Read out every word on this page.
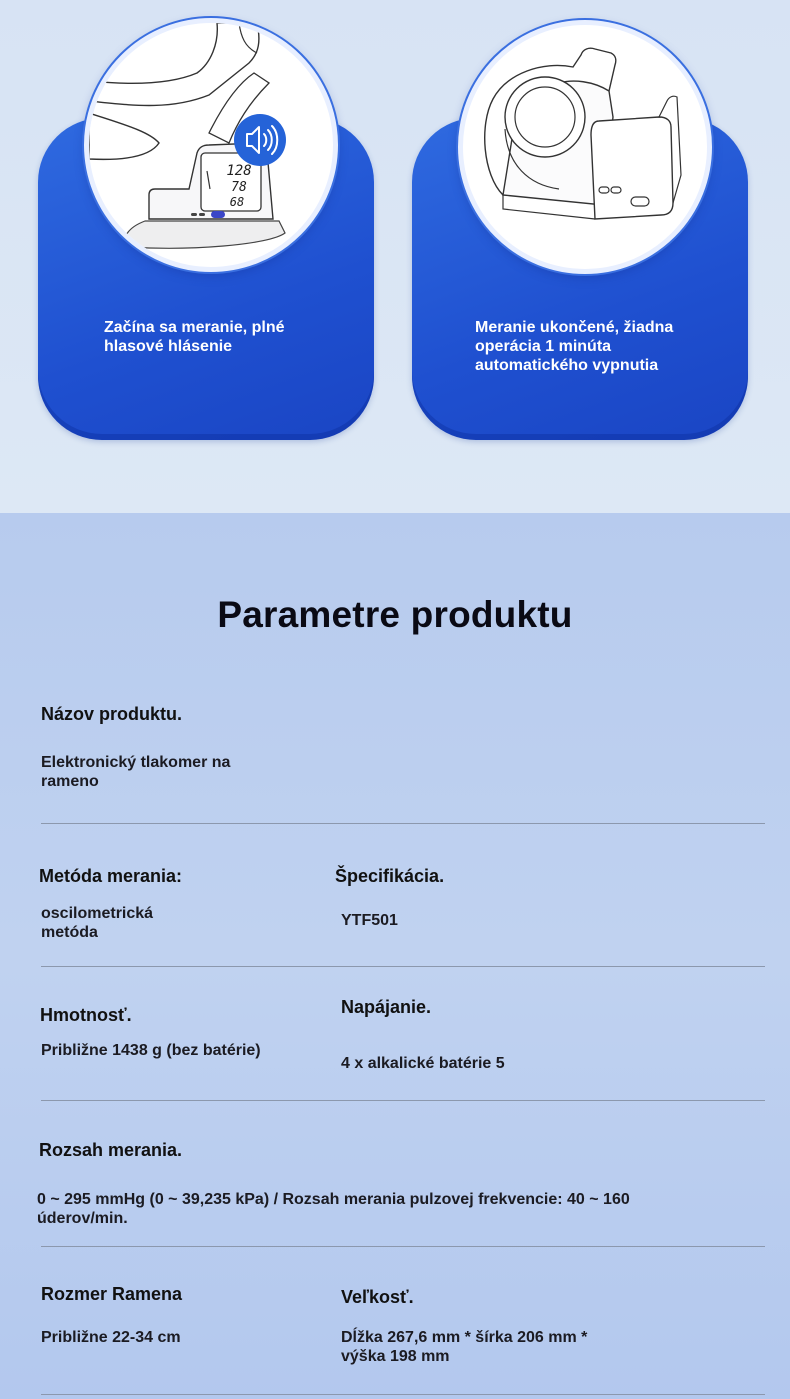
Začína sa meranie, plné hlasové hlásenie
Meranie ukončené, žiadna operácia 1 minúta automatického vypnutia
128
78
68
Parametre produktu
Názov produktu.
Elektronický tlakomer na rameno
Metóda merania:
oscilometrická metóda
Špecifikácia.
YTF501
Hmotnosť.
Približne 1438 g (bez batérie)
Napájanie.
4 x alkalické batérie 5
Rozsah merania.
0 ~ 295 mmHg (0 ~ 39,235 kPa) / Rozsah merania pulzovej frekvencie: 40 ~ 160 úderov/min.
Rozmer Ramena
Približne 22-34 cm
Veľkosť.
Dĺžka 267,6 mm * šírka 206 mm * výška 198 mm
